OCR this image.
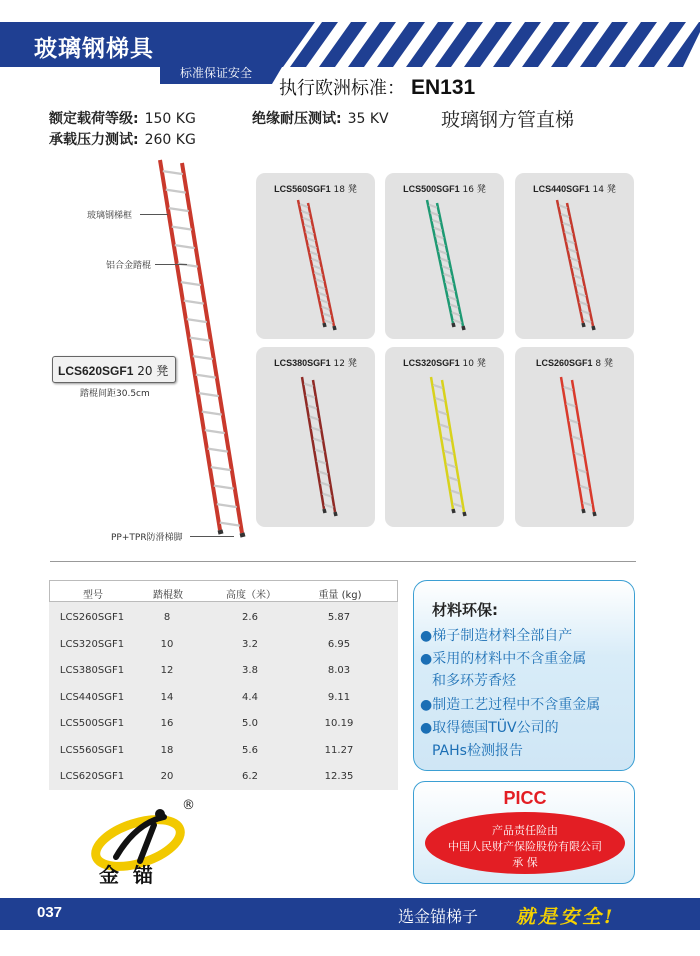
玻璃钢梯具
标准保证安全
执行欧洲标准： EN131
额定载荷等级: 150 KG	绝缘耐压测试: 35 KV
承载压力测试: 260 KG
玻璃钢方管直梯
玻璃钢梯框
铝合金踏棍
LCS620SGF1 20 凳
踏棍间距30.5cm
PP+TPR防滑梯脚
LCS560SGF1 18 凳	LCS500SGF1 16 凳	LCS440SGF1 14 凳
LCS380SGF1 12 凳	LCS320SGF1 10 凳	LCS260SGF1 8 凳
型号	踏棍数	高度（米）	重量 (kg)
LCS260SGF1	8	2.6	5.87
LCS320SGF1	10	3.2	6.95
LCS380SGF1	12	3.8	8.03
LCS440SGF1	14	4.4	9.11
LCS500SGF1	16	5.0	10.19
LCS560SGF1	18	5.6	11.27
LCS620SGF1	20	6.2	12.35
材料环保:
●梯子制造材料全部自产
●采用的材料中不含重金属
和多环芳香烃
●制造工艺过程中不含重金属
●取得德国TÜV公司的
PAHs检测报告
PICC
产品责任险由
中国人民财产保险股份有限公司
承 保
®
金锚
037	选金锚梯子 就是安全!
